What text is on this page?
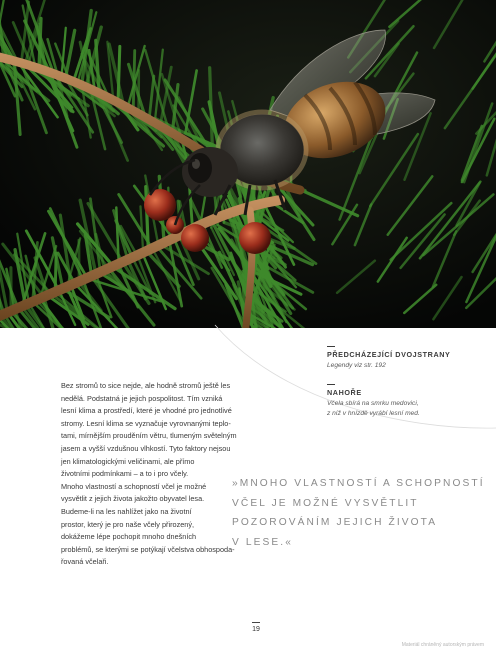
PŘEDCHÁZEJÍCÍ DVOJSTRANY
Legendy viz str. 192
NAHOŘE
Včela sbírá na smrku medovici,
z níž v hnízdě vyrábí lesní med.
Bez stromů to sice nejde, ale hodně stromů ještě les
nedělá. Podstatná je jejich pospolitost. Tím vzniká
lesní klima a prostředí, které je vhodné pro jednotlivé
stromy. Lesní klima se vyznačuje vyrovnanými teplo-
tami, mírnějším prouděním větru, tlumeným světelným
jasem a vyšší vzdušnou vlhkostí. Tyto faktory nejsou
jen klimatologickými veličinami, ale přímo
životními podmínkami – a to i pro včely.
Mnoho vlastností a schopností včel je možné
vysvětlit z jejich života jakožto obyvatel lesa.
Budeme-li na les nahlížet jako na životní
prostor, který je pro naše včely přirozený,
dokážeme lépe pochopit mnoho dnešních
problémů, se kterými se potýkají včelstva obhospoda-
řovaná včelaři.
»MNOHO VLASTNOSTÍ A SCHOPNOSTÍ
VČEL JE MOŽNÉ VYSVĚTLIT
POZOROVÁNÍM JEJICH ŽIVOTA
V LESE.«
19
Materiál chráněný autorským právem
